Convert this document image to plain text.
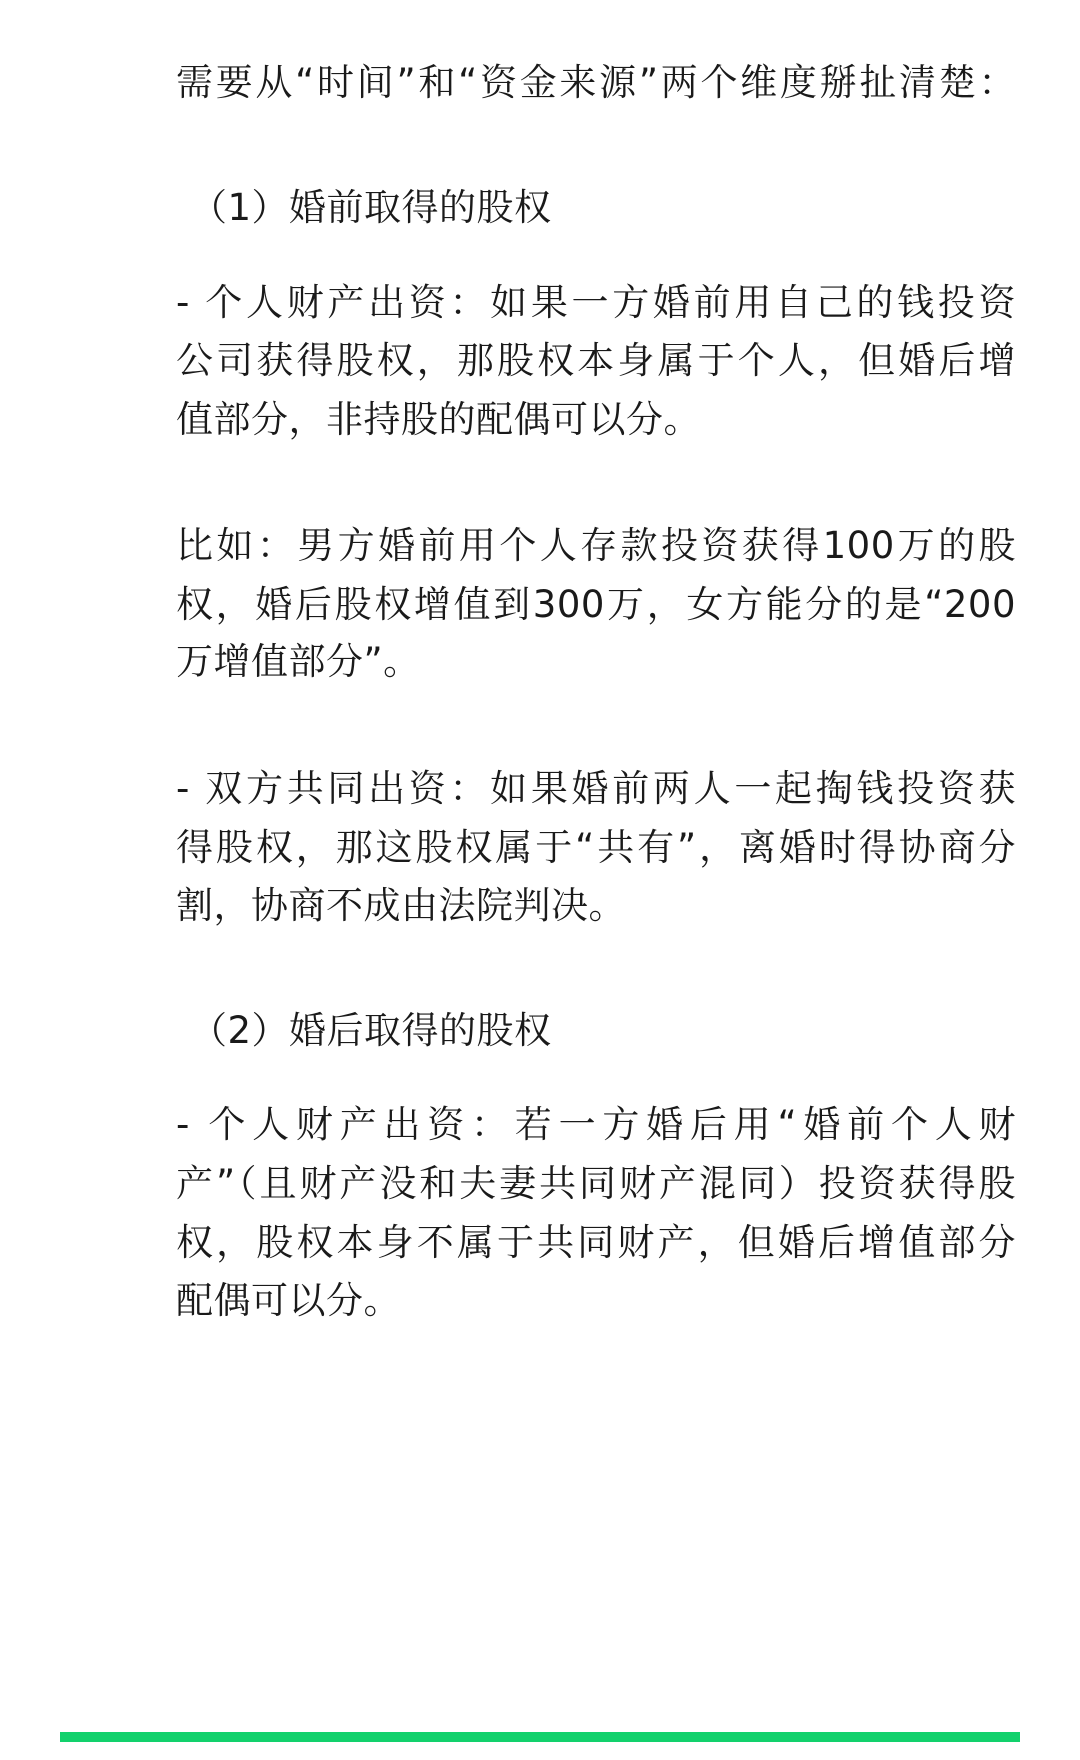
需要从“时间”和“资金来源”两个维度掰扯清楚：
（1）婚前取得的股权
- 个人财产出资：如果一方婚前用自己的钱投资
公司获得股权，那股权本身属于个人，但婚后增
值部分，非持股的配偶可以分。
比如：男方婚前用个人存款投资获得100万的股
权，婚后股权增值到300万，女方能分的是“200
万增值部分”。
- 双方共同出资：如果婚前两人一起掏钱投资获
得股权，那这股权属于“共有”，离婚时得协商分
割，协商不成由法院判决。
（2）婚后取得的股权
- 个人财产出资：若一方婚后用“婚前个人财
产”（且财产没和夫妻共同财产混同）投资获得股
权，股权本身不属于共同财产，但婚后增值部分
配偶可以分。
